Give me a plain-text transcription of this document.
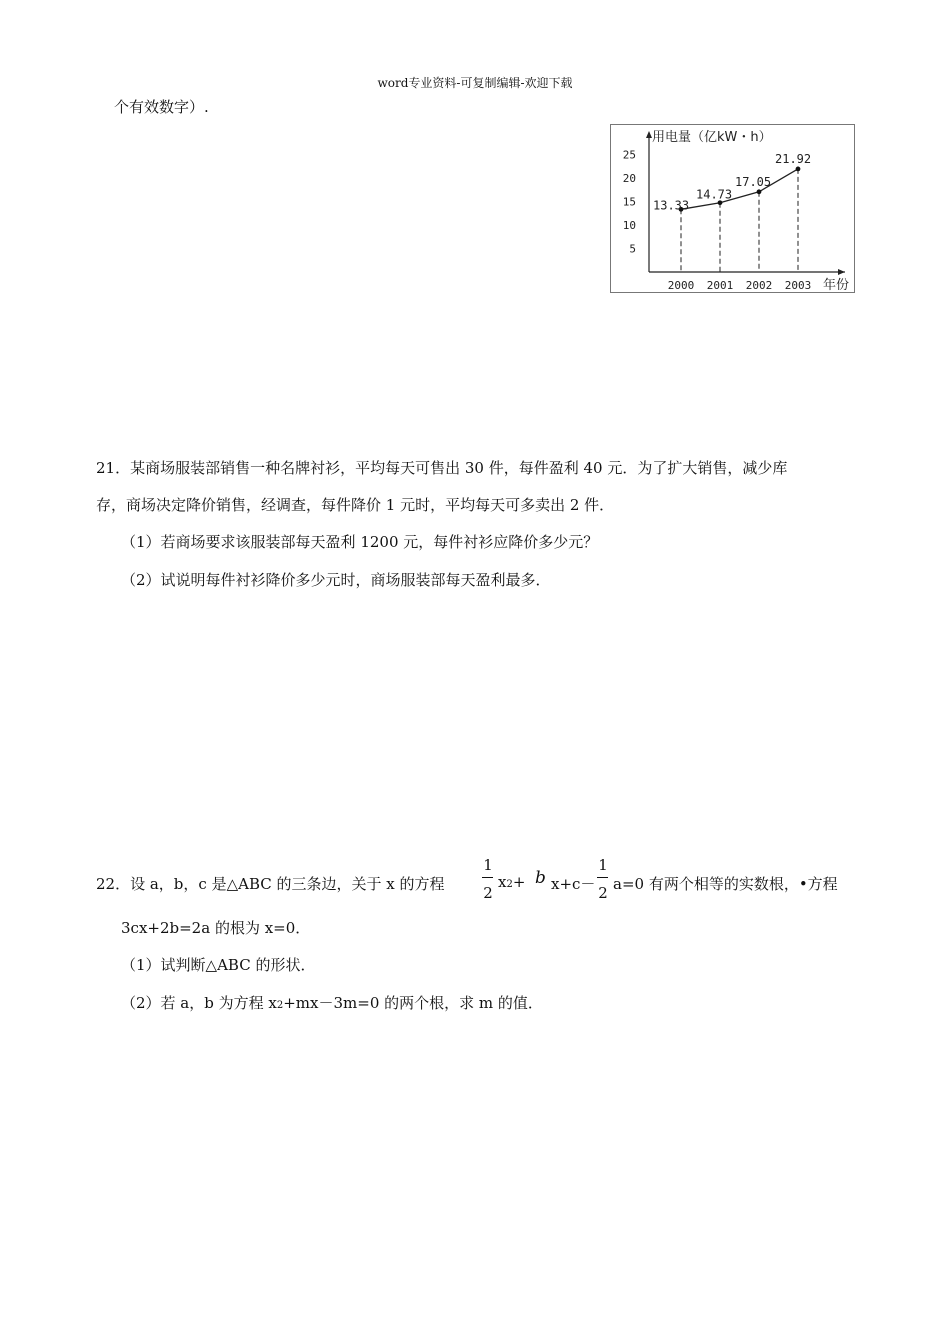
word专业资料-可复制编辑-欢迎下载
个有效数字）.
用电量（亿kW・h）
5
10
15
20
25
13.33
14.73
17.05
21.92
2000 2001 2002 2003 年份
21．某商场服装部销售一种名牌衬衫，平均每天可售出 30 件，每件盈利 40 元．为了扩大销售，减少库
存，商场决定降价销售，经调查，每件降价 1 元时，平均每天可多卖出 2 件．
（1）若商场要求该服装部每天盈利 1200 元，每件衬衫应降价多少元？
（2）试说明每件衬衫降价多少元时，商场服装部每天盈利最多．
22．设 a，b，c 是△ABC 的三条边，关于 x 的方程
1
2
x2+ b x+c－
1
2 a=0 有两个相等的实数根，•方程
3cx+2b=2a 的根为 x=0．
（1）试判断△ABC 的形状．
（2）若 a，b 为方程 x2+mx－3m=0 的两个根，求 m 的值．
